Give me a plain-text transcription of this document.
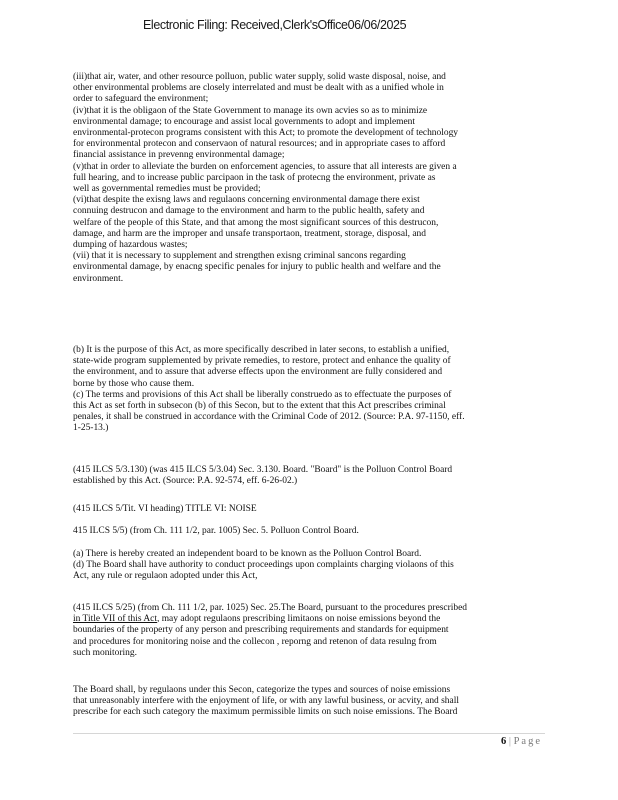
Electronic Filing: Received,Clerk'sOffice06/06/2025
(iii)that air, water, and other resource polluon, public water supply, solid waste disposal, noise, and
other environmental problems are closely interrelated and must be dealt with as a unified whole in
order to safeguard the environment;
(iv)that it is the obligaon of the State Government to manage its own acvies so as to minimize
environmental damage; to encourage and assist local governments to adopt and implement
environmental-protecon programs consistent with this Act; to promote the development of technology
for environmental protecon and conservaon of natural resources; and in appropriate cases to afford
financial assistance in prevenng environmental damage;
(v)that in order to alleviate the burden on enforcement agencies, to assure that all interests are given a
full hearing, and to increase public parcipaon in the task of protecng the environment, private as
well as governmental remedies must be provided;
(vi)that despite the exisng laws and regulaons concerning environmental damage there exist
connuing destrucon and damage to the environment and harm to the public health, safety and
welfare of the people of this State, and that among the most significant sources of this destrucon,
damage, and harm are the improper and unsafe transportaon, treatment, storage, disposal, and
dumping of hazardous wastes;
(vii) that it is necessary to supplement and strengthen exisng criminal sancons regarding
environmental damage, by enacng specific penales for injury to public health and welfare and the
environment.
(b) It is the purpose of this Act, as more specifically described in later secons, to establish a unified,
state-wide program supplemented by private remedies, to restore, protect and enhance the quality of
the environment, and to assure that adverse effects upon the environment are fully considered and
borne by those who cause them.
(c) The terms and provisions of this Act shall be liberally construedo as to effectuate the purposes of
this Act as set forth in subsecon (b) of this Secon, but to the extent that this Act prescribes criminal
penales, it shall be construed in accordance with the Criminal Code of 2012. (Source: P.A. 97-1150, eff.
1-25-13.)
(415 ILCS 5/3.130) (was 415 ILCS 5/3.04) Sec. 3.130. Board. "Board" is the Polluon Control Board
established by this Act. (Source: P.A. 92-574, eff. 6-26-02.)
(415 ILCS 5/Tit. VI heading) TITLE VI: NOISE
415 ILCS 5/5) (from Ch. 111 1/2, par. 1005) Sec. 5. Polluon Control Board.
(a) There is hereby created an independent board to be known as the Polluon Control Board.
(d) The Board shall have authority to conduct proceedings upon complaints charging violaons of this
Act, any rule or regulaon adopted under this Act,
(415 ILCS 5/25) (from Ch. 111 1/2, par. 1025) Sec. 25.The Board, pursuant to the procedures prescribed
in Title VII of this Act, may adopt regulaons prescribing limitaons on noise emissions beyond the
boundaries of the property of any person and prescribing requirements and standards for equipment
and procedures for monitoring noise and the collecon , reporng and retenon of data resulng from
such monitoring.
The Board shall, by regulaons under this Secon, categorize the types and sources of noise emissions
that unreasonably interfere with the enjoyment of life, or with any lawful business, or acvity, and shall
prescribe for each such category the maximum permissible limits on such noise emissions. The Board
6 | Page
